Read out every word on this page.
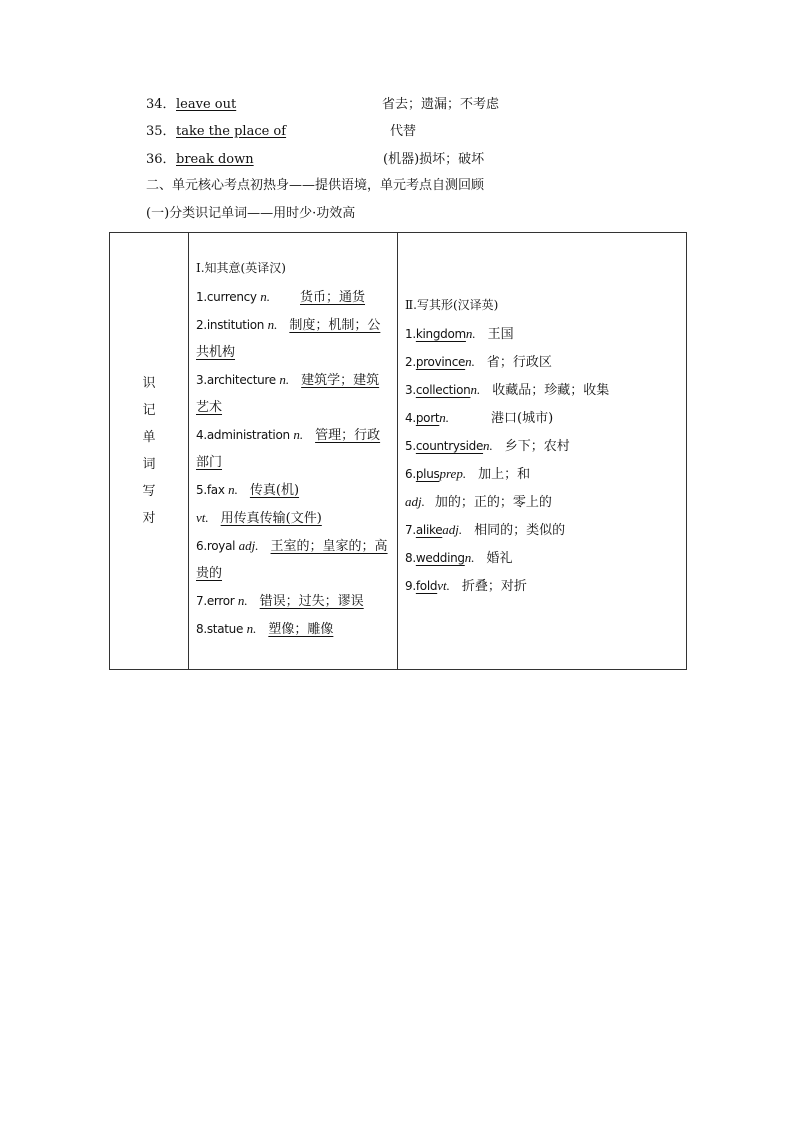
34．leave out	省去；遗漏；不考虑
35．take the place of	代替
36．break down	(机器)损坏；破坏
二、单元核心考点初热身——提供语境，单元考点自测回顾
(一)分类识记单词——用时少·功效高
识
记
单
词
写
对	
Ⅰ.知其意(英译汉)
1.currency n. 货币；通货
2.institution n. 制度；机制；公共机构
3.architecture n. 建筑学；建筑艺术
4.administration n. 管理；行政部门
5.fax n. 传真(机)
vt. 用传真传输(文件)
6.royal adj. 王室的；皇家的；高贵的
7.error n. 错误；过失；谬误
8.statue n. 塑像；雕像

Ⅱ.写其形(汉译英)
1.kingdomn. 王国
2.provincen. 省；行政区
3.collectionn. 收藏品；珍藏；收集
4.portn.	港口(城市)
5.countrysiden. 乡下；农村
6.plusprep. 加上；和
adj. 加的；正的；零上的
7.alikeadj. 相同的；类似的
8.weddingn. 婚礼
9.foldvt. 折叠；对折
